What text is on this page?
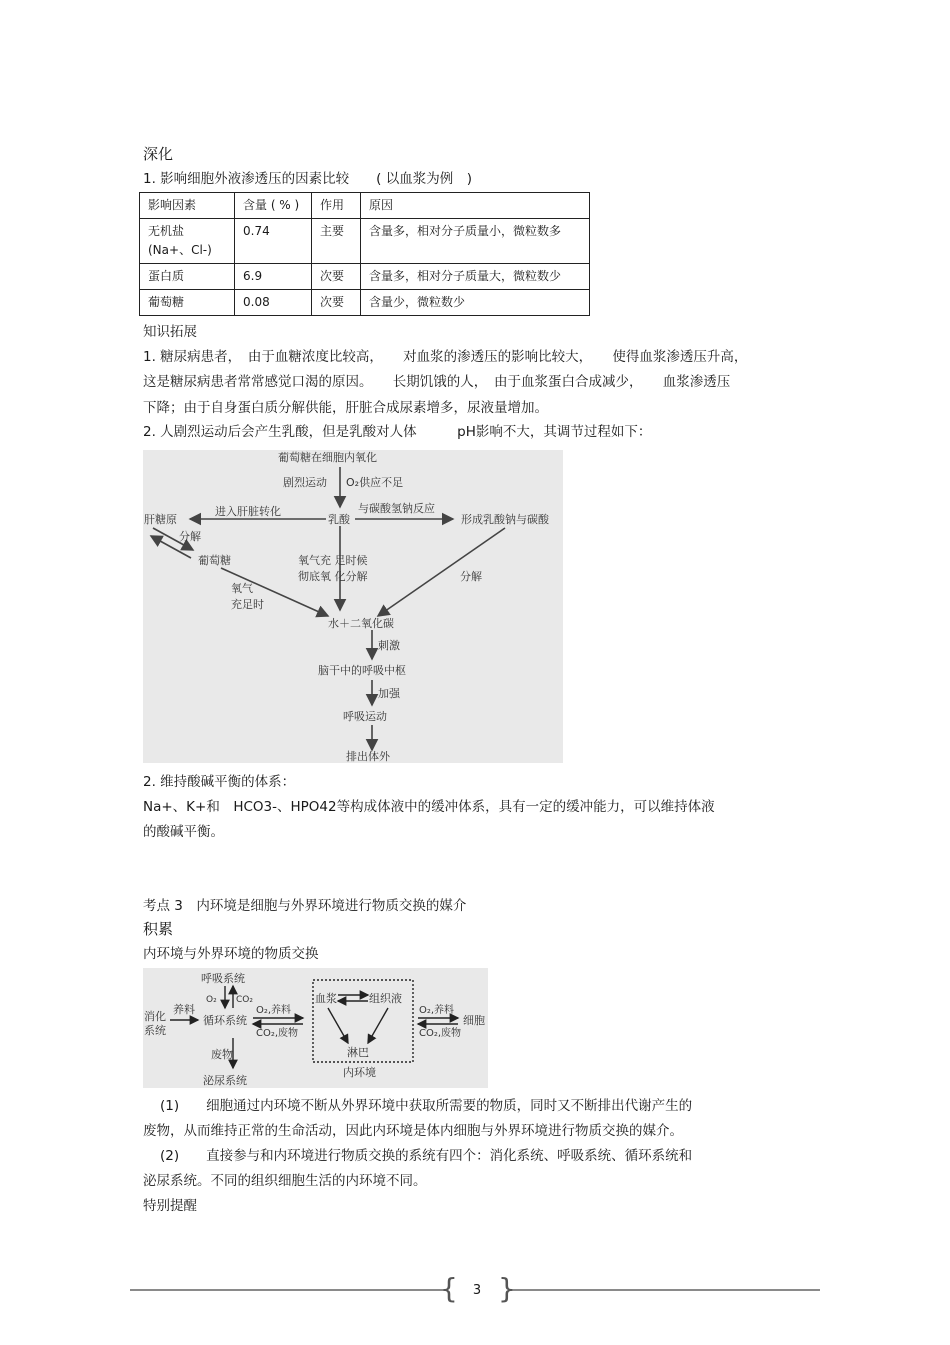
深化
1. 影响细胞外液渗透压的因素比较　　( 以血浆为例　)
影响因素	含量 ( % )	作用	原因

无机盐
(Na+、Cl-)	0.74	主要	含量多，相对分子质量小，微粒数多
蛋白质	6.9	次要	含量多，相对分子质量大，微粒数少
葡萄糖	0.08	次要	含量少，微粒数少
知识拓展
1. 糖尿病患者，　由于血糖浓度比较高，　　对血浆的渗透压的影响比较大，　　使得血浆渗透压升高，
这是糖尿病患者常常感觉口渴的原因。　　长期饥饿的人，　由于血浆蛋白合成减少，　　血浆渗透压
下降；由于自身蛋白质分解供能，肝脏合成尿素增多，尿液量增加。
2. 人剧烈运动后会产生乳酸，但是乳酸对人体　　　pH影响不大，其调节过程如下：
葡萄糖在细胞内氧化
剧烈运动 O₂供应不足
乳酸
进入肝脏转化	与碳酸氢钠反应
形成乳酸钠与碳酸
肝糖原
分解
葡萄糖	氧气充 足时候
彻底氧 化分解
氧气
充足时
分解
水＋二氧化碳
刺激
脑干中的呼吸中枢
加强
呼吸运动
排出体外
2. 维持酸碱平衡的体系：
Na+、K+和　HCO3-、HPO42等构成体液中的缓冲体系，具有一定的缓冲能力，可以维持体液
的酸碱平衡。
考点 3　内环境是细胞与外界环境进行物质交换的媒介
积累
内环境与外界环境的物质交换
呼吸系统
消化
系统
养料
O₂ CO₂
循环系统
O₂,养料
CO₂,废物
血浆	组织液
淋巴
内环境
O₂,养料
CO₂,废物
细胞
废物
泌尿系统
(1)　　细胞通过内环境不断从外界环境中获取所需要的物质，同时又不断排出代谢产生的
废物，从而维持正常的生命活动，因此内环境是体内细胞与外界环境进行物质交换的媒介。
(2)　　直接参与和内环境进行物质交换的系统有四个：消化系统、呼吸系统、循环系统和
泌尿系统。不同的组织细胞生活的内环境不同。
特别提醒
{ }
3
